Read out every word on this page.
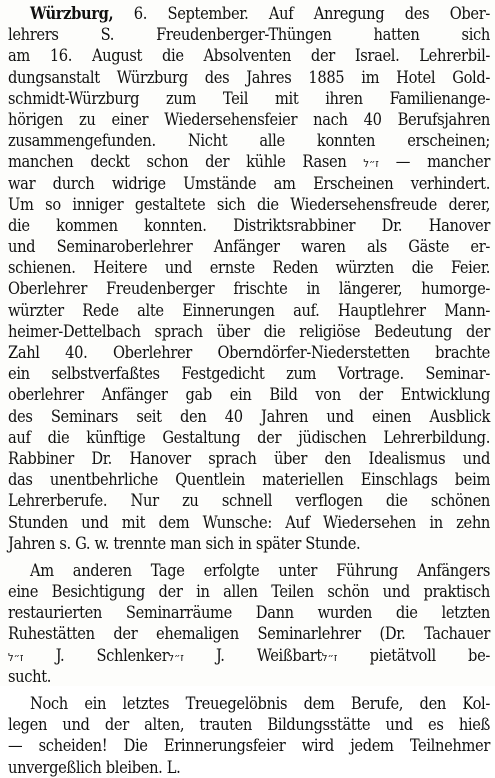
Würzburg, 6. September. Auf Anregung des Ober-
lehrers S. Freudenberger-Thüngen hatten sich
am 16. August die Absolventen der Israel. Lehrerbil-
dungsanstalt Würzburg des Jahres 1885 im Hotel Gold-
schmidt-Würzburg zum Teil mit ihren Familienange-
hörigen zu einer Wiedersehensfeier nach 40 Berufsjahren
zusammengefunden. Nicht alle konnten erscheinen;
manchen deckt schon der kühle Rasen ז״ל — mancher
war durch widrige Umstände am Erscheinen verhindert.
Um so inniger gestaltete sich die Wiedersehensfreude derer,
die kommen konnten. Distriktsrabbiner Dr. Hanover
und Seminaroberlehrer Anfänger waren als Gäste er-
schienen. Heitere und ernste Reden würzten die Feier.
Oberlehrer Freudenberger frischte in längerer, humorge-
würzter Rede alte Einnerungen auf. Hauptlehrer Mann-
heimer-Dettelbach sprach über die religiöse Bedeutung der
Zahl 40. Oberlehrer Oberndörfer-Niederstetten brachte
ein selbstverfaßtes Festgedicht zum Vortrage. Seminar-
oberlehrer Anfänger gab ein Bild von der Entwicklung
des Seminars seit den 40 Jahren und einen Ausblick
auf die künftige Gestaltung der jüdischen Lehrerbildung.
Rabbiner Dr. Hanover sprach über den Idealismus und
das unentbehrliche Quentlein materiellen Einschlags beim
Lehrerberufe. Nur zu schnell verflogen die schönen
Stunden und mit dem Wunsche: Auf Wiedersehen in zehn
Jahren s. G. w. trennte man sich in später Stunde.
Am anderen Tage erfolgte unter Führung Anfängers
eine Besichtigung der in allen Teilen schön und praktisch
restaurierten Seminarräume Dann wurden die letzten
Ruhestätten der ehemaligen Seminarlehrer (Dr. Tachauer
ז״ל J. Schlenkerז״ל J. Weißbartז״ל pietätvoll be-
sucht.
Noch ein letztes Treuegelöbnis dem Berufe, den Kol-
legen und der alten, trauten Bildungsstätte und es hieß
— scheiden! Die Erinnerungsfeier wird jedem Teilnehmer
unvergeßlich bleiben. L.
